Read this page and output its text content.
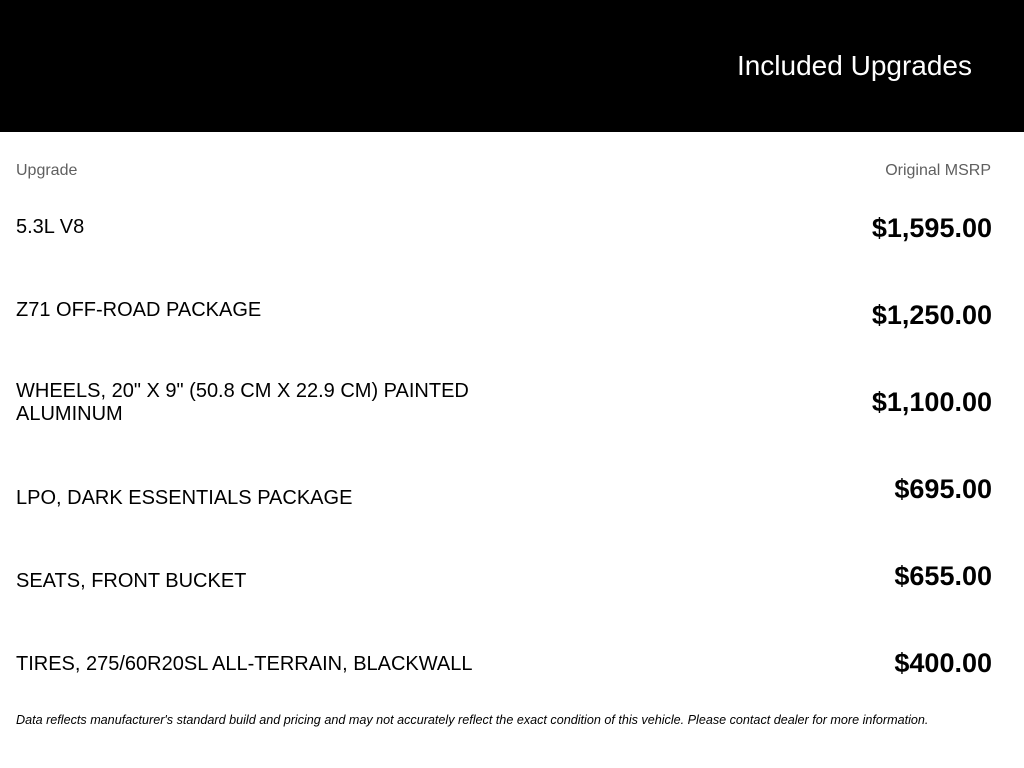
Included Upgrades
Upgrade	Original MSRP
5.3L V8	$1,595.00
Z71 OFF-ROAD PACKAGE	$1,250.00
WHEELS, 20" X 9" (50.8 CM X 22.9 CM) PAINTED ALUMINUM	$1,100.00
LPO, DARK ESSENTIALS PACKAGE	$695.00
SEATS, FRONT BUCKET	$655.00
TIRES, 275/60R20SL ALL-TERRAIN, BLACKWALL	$400.00

Data reflects manufacturer's standard build and pricing and may not accurately reflect the exact condition of this vehicle. Please contact dealer for more information.
